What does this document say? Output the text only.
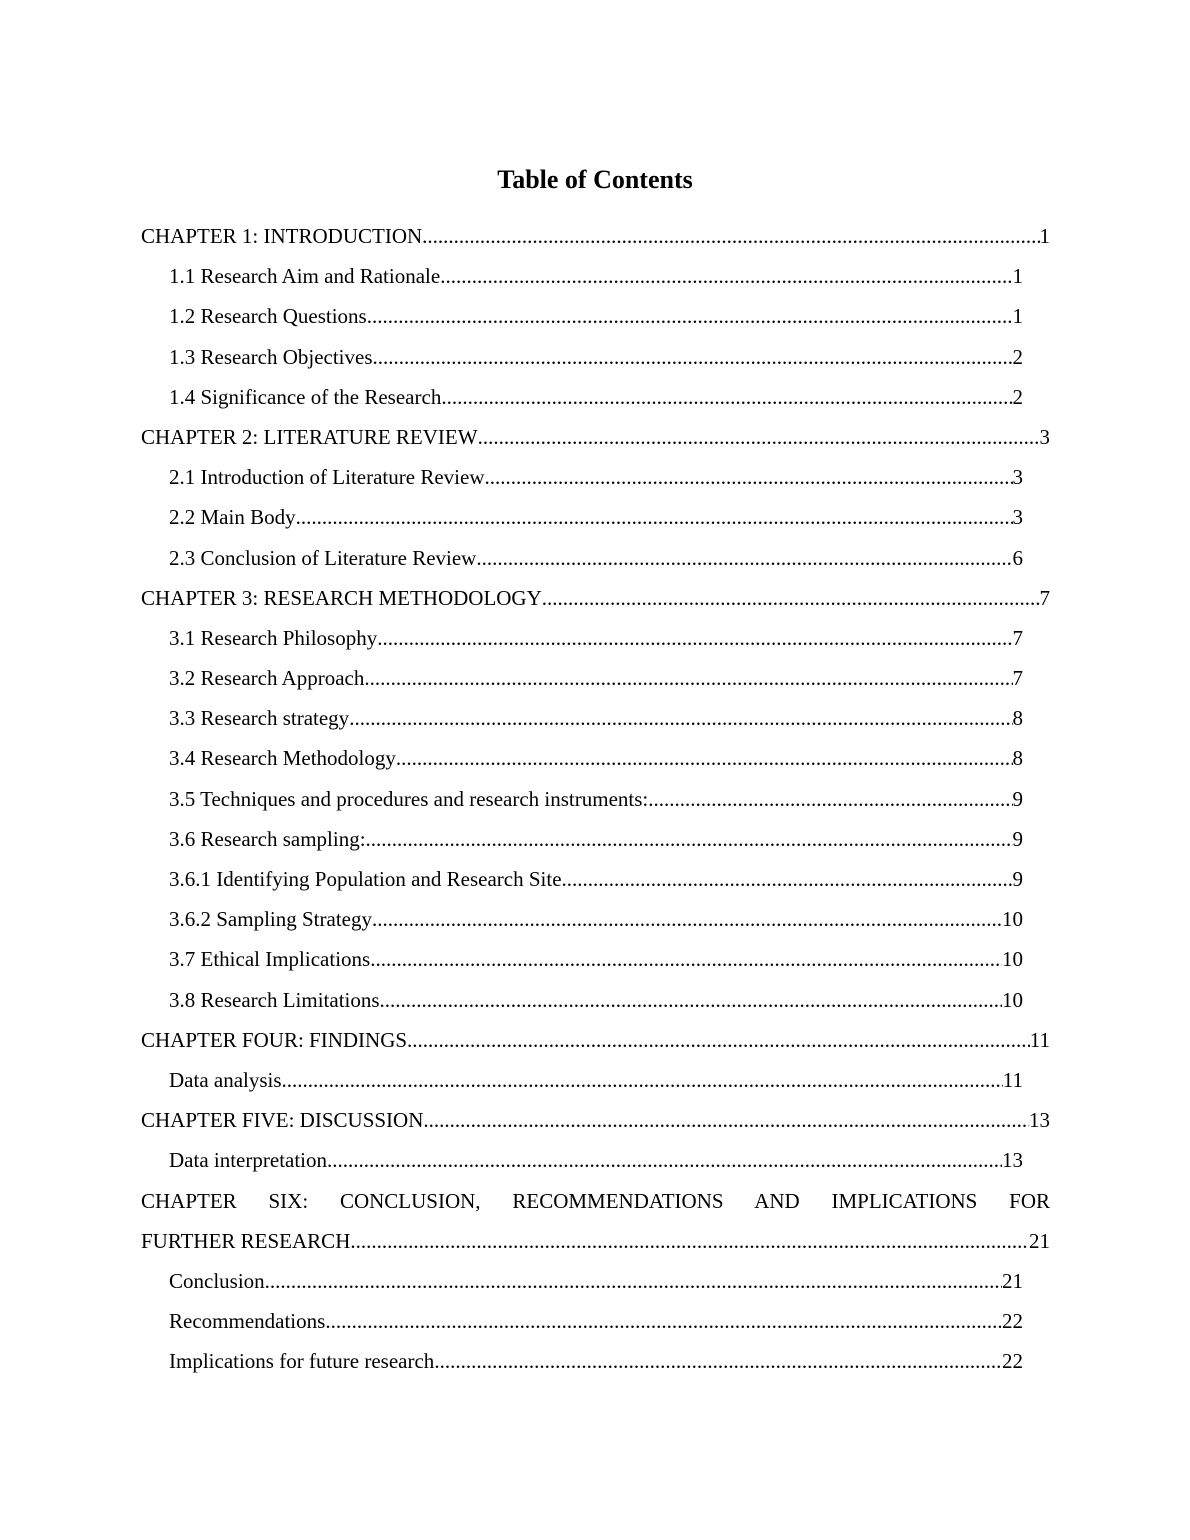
Table of Contents
CHAPTER 1: INTRODUCTION .....	1
1.1 Research Aim and Rationale .....	1
1.2 Research Questions .....	1
1.3 Research Objectives .....	2
1.4 Significance of the Research .....	2
CHAPTER 2: LITERATURE REVIEW .....	3
2.1 Introduction of Literature Review .....	3
2.2 Main Body .....	3
2.3 Conclusion of Literature Review .....	6
CHAPTER 3: RESEARCH METHODOLOGY .....	7
3.1 Research Philosophy .....	7
3.2 Research Approach .....	7
3.3 Research strategy .....	8
3.4 Research Methodology .....	8
3.5 Techniques and procedures and research instruments: .....	9
3.6 Research sampling: .....	9
3.6.1 Identifying Population and Research Site .....	9
3.6.2 Sampling Strategy .....	10
3.7 Ethical Implications .....	10
3.8 Research Limitations .....	10
CHAPTER FOUR: FINDINGS .....	11
Data analysis .....	11
CHAPTER FIVE: DISCUSSION .....	13
Data interpretation .....	13
CHAPTER SIX: CONCLUSION, RECOMMENDATIONS AND IMPLICATIONS FOR
FURTHER RESEARCH .....	21
Conclusion .....	21
Recommendations .....	22
Implications for future research .....	22
